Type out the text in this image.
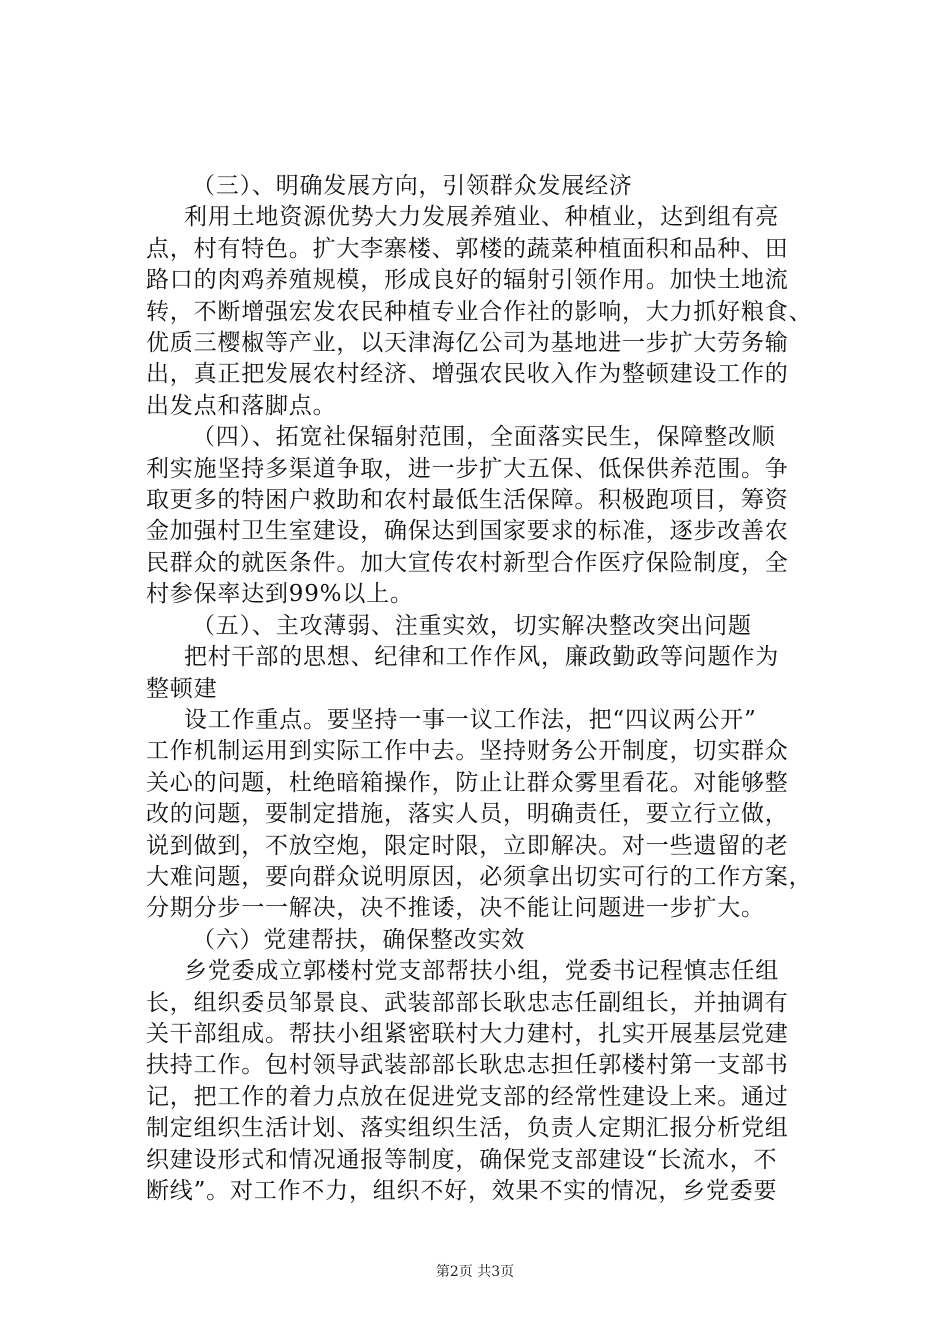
（三）、明确发展方向，引领群众发展经济
利用土地资源优势大力发展养殖业、种植业，达到组有亮
点，村有特色。扩大李寨楼、郭楼的蔬菜种植面积和品种、田
路口的肉鸡养殖规模，形成良好的辐射引领作用。加快土地流
转，不断增强宏发农民种植专业合作社的影响，大力抓好粮食、
优质三樱椒等产业，以天津海亿公司为基地进一步扩大劳务输
出，真正把发展农村经济、增强农民收入作为整顿建设工作的
出发点和落脚点。
（四）、拓宽社保辐射范围，全面落实民生，保障整改顺
利实施坚持多渠道争取，进一步扩大五保、低保供养范围。争
取更多的特困户救助和农村最低生活保障。积极跑项目，筹资
金加强村卫生室建设，确保达到国家要求的标准，逐步改善农
民群众的就医条件。加大宣传农村新型合作医疗保险制度，全
村参保率达到99%以上。
（五）、主攻薄弱、注重实效，切实解决整改突出问题
把村干部的思想、纪律和工作作风，廉政勤政等问题作为
整顿建
设工作重点。要坚持一事一议工作法，把“四议两公开”
工作机制运用到实际工作中去。坚持财务公开制度，切实群众
关心的问题，杜绝暗箱操作，防止让群众雾里看花。对能够整
改的问题，要制定措施，落实人员，明确责任，要立行立做，
说到做到，不放空炮，限定时限，立即解决。对一些遗留的老
大难问题，要向群众说明原因，必须拿出切实可行的工作方案，
分期分步一一解决，决不推诿，决不能让问题进一步扩大。
（六）党建帮扶，确保整改实效
乡党委成立郭楼村党支部帮扶小组，党委书记程慎志任组
长，组织委员邹景良、武装部部长耿忠志任副组长，并抽调有
关干部组成。帮扶小组紧密联村大力建村，扎实开展基层党建
扶持工作。包村领导武装部部长耿忠志担任郭楼村第一支部书
记，把工作的着力点放在促进党支部的经常性建设上来。通过
制定组织生活计划、落实组织生活，负责人定期汇报分析党组
织建设形式和情况通报等制度，确保党支部建设“长流水，不
断线”。对工作不力，组织不好，效果不实的情况，乡党委要
第2页 共3页
